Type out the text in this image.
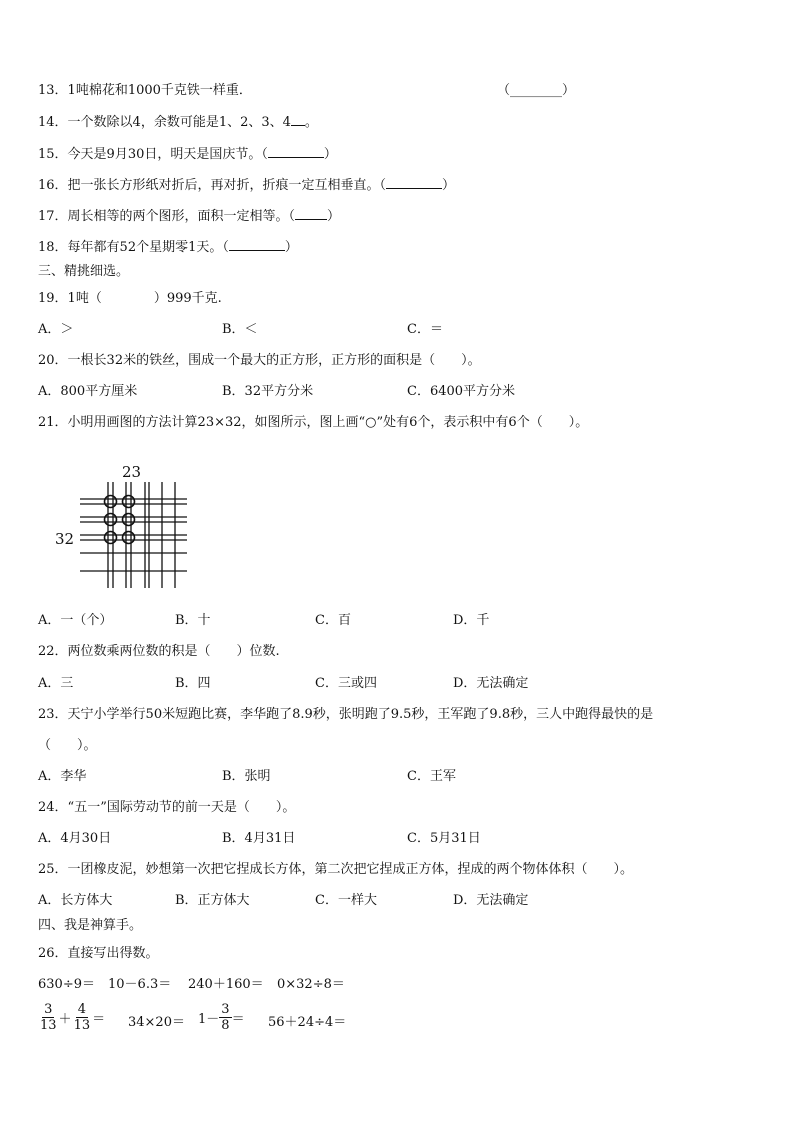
13．1吨棉花和1000千克铁一样重．	（________）
14．一个数除以4，余数可能是1、2、3、4 。
15．今天是9月30日，明天是国庆节。（	）
16．把一张长方形纸对折后，再对折，折痕一定互相垂直。（	）
17．周长相等的两个图形，面积一定相等。（ ）
18．每年都有52个星期零1天。（	）
三、精挑细选。
19．1吨（　　　　）999千克.
A．＞	B．＜	C．＝
20．一根长32米的铁丝，围成一个最大的正方形，正方形的面积是（　　）。
A．800平方厘米	B．32平方分米	C．6400平方分米
21．小明用画图的方法计算23×32，如图所示，图上画“○”处有6个，表示积中有6个（　　）。
23
32
A．一（个）	B．十	C．百	D．千
22．两位数乘两位数的积是（　　）位数.
A．三	B．四	C．三或四	D．无法确定
23．天宁小学举行50米短跑比赛，李华跑了8.9秒，张明跑了9.5秒，王军跑了9.8秒，三人中跑得最快的是
（　　）。
A．李华	B．张明	C．王军
24．“五一”国际劳动节的前一天是（　　）。
A．4月30日	B．4月31日	C．5月31日
25．一团橡皮泥，妙想第一次把它捏成长方体，第二次把它捏成正方体，捏成的两个物体体积（　　）。
A．长方体大	B．正方体大	C．一样大	D．无法确定
四、我是神算手。
26．直接写出得数。
630÷9＝ 10－6.3＝ 240＋160＝ 0×32÷8＝
$\frac{3}{13} + \frac{4}{13} = 34\times 20= 1- \frac{3}{8} = 56+24\div 4=$
